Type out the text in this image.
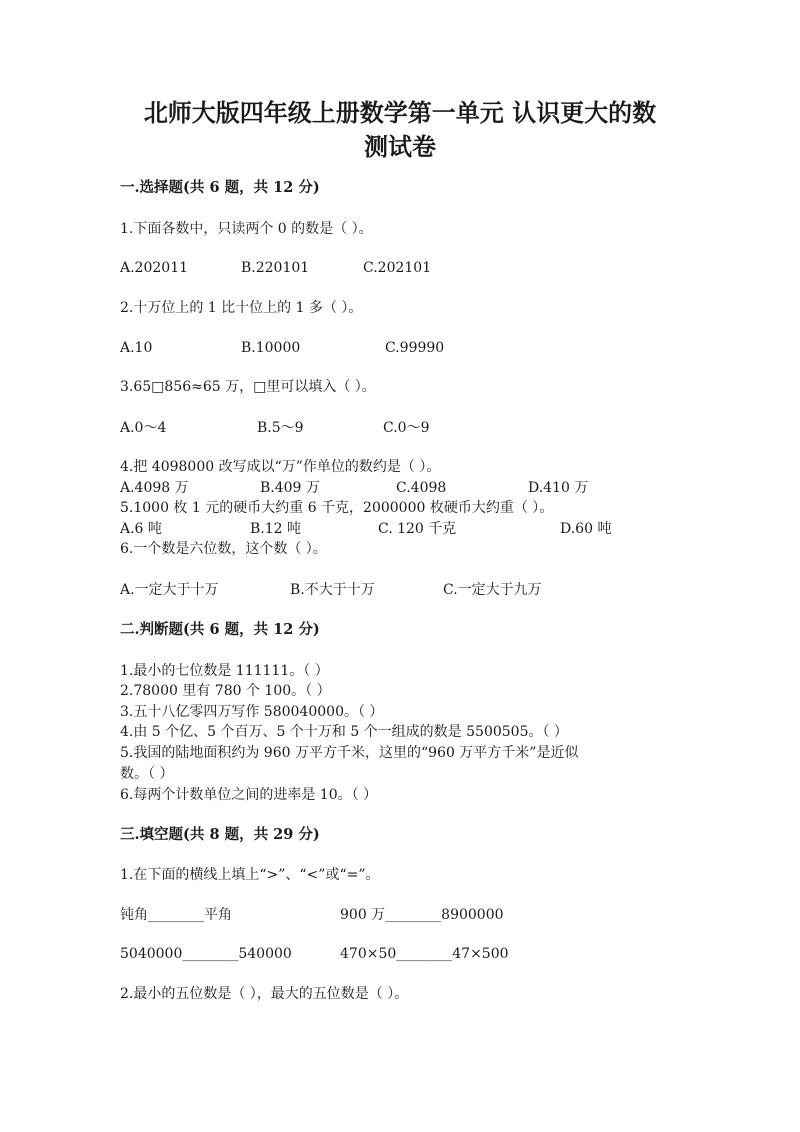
北师大版四年级上册数学第一单元 认识更大的数
测试卷
一.选择题(共 6 题，共 12 分)
1.下面各数中，只读两个 0 的数是（ ）。
A.202011	B.220101	C.202101
2.十万位上的 1 比十位上的 1 多（ ）。
A.10	B.10000	C.99990
3.65□856≈65 万，□里可以填入（ ）。
A.0～4	B.5～9	C.0～9
4.把 4098000 改写成以“万”作单位的数约是（ ）。
A.4098 万	B.409 万	C.4098	D.410 万
5.1000 枚 1 元的硬币大约重 6 千克，2000000 枚硬币大约重（ ）。
A.6 吨	B.12 吨	C. 120 千克	D.60 吨
6.一个数是六位数，这个数（ ）。
A.一定大于十万	B.不大于十万	C.一定大于九万
二.判断题(共 6 题，共 12 分)
1.最小的七位数是 111111。（ ）
2.78000 里有 780 个 100。（ ）
3.五十八亿零四万写作 580040000。（ ）
4.由 5 个亿、5 个百万、5 个十万和 5 个一组成的数是 5500505。（ ）
5.我国的陆地面积约为 960 万平方千米，这里的“960 万平方千米”是近似
数。（ ）
6.每两个计数单位之间的进率是 10。（ ）
三.填空题(共 8 题，共 29 分)
1.在下面的横线上填上“>”、“<”或“=”。
钝角________平角	900 万________8900000
5040000________540000	470×50________47×500
2.最小的五位数是（ ），最大的五位数是（ ）。
